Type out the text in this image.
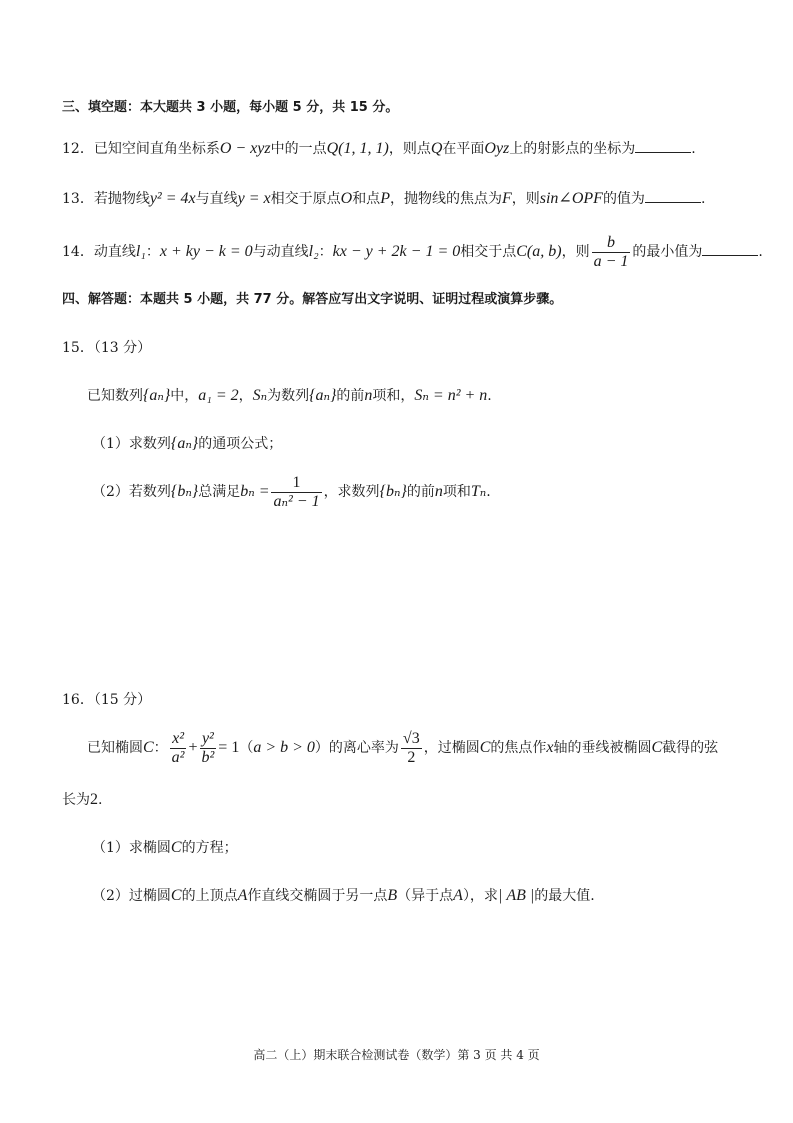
三、填空题：本大题共 3 小题，每小题 5 分，共 15 分。
12．已知空间直角坐标系O − xyz中的一点Q(1, 1, 1)，则点Q在平面Oyz上的射影点的坐标为	.
13．若抛物线y² = 4x与直线y = x相交于原点O和点P，抛物线的焦点为F，则sin∠OPF的值为	.
14．动直线l₁：x + ky − k = 0与动直线l₂：kx − y + 2k − 1 = 0相交于点C(a, b)，则 $\frac{b}{a - 1}$ 的最小值为	.
四、解答题：本题共 5 小题，共 77 分。解答应写出文字说明、证明过程或演算步骤。
15．（13 分）
已知数列{aₙ}中，a₁ = 2，Sₙ为数列{aₙ}的前n项和，Sₙ = n² + n.
（1）求数列{aₙ}的通项公式；
（2）若数列{bₙ}总满足$b_n = \frac{1}{\text{aₙ² − 1}}$ ，求数列{bₙ}的前n项和Tₙ.
16．（15 分）
已知椭圆C： $\frac{\text{x²}}{\text{a²}} + \frac{\text{y²}}{\text{b²}} = 1(a > b > 0)$的离心率为 $\frac{√3}{2}$ ，过椭圆C的焦点作x轴的垂线被椭圆C截得的弦
长为2.
（1）求椭圆C的方程；
（2）过椭圆C的上顶点A作直线交椭圆于另一点B（异于点A），求| AB |的最大值.
高二（上）期末联合检测试卷（数学）第 3 页 共 4 页
